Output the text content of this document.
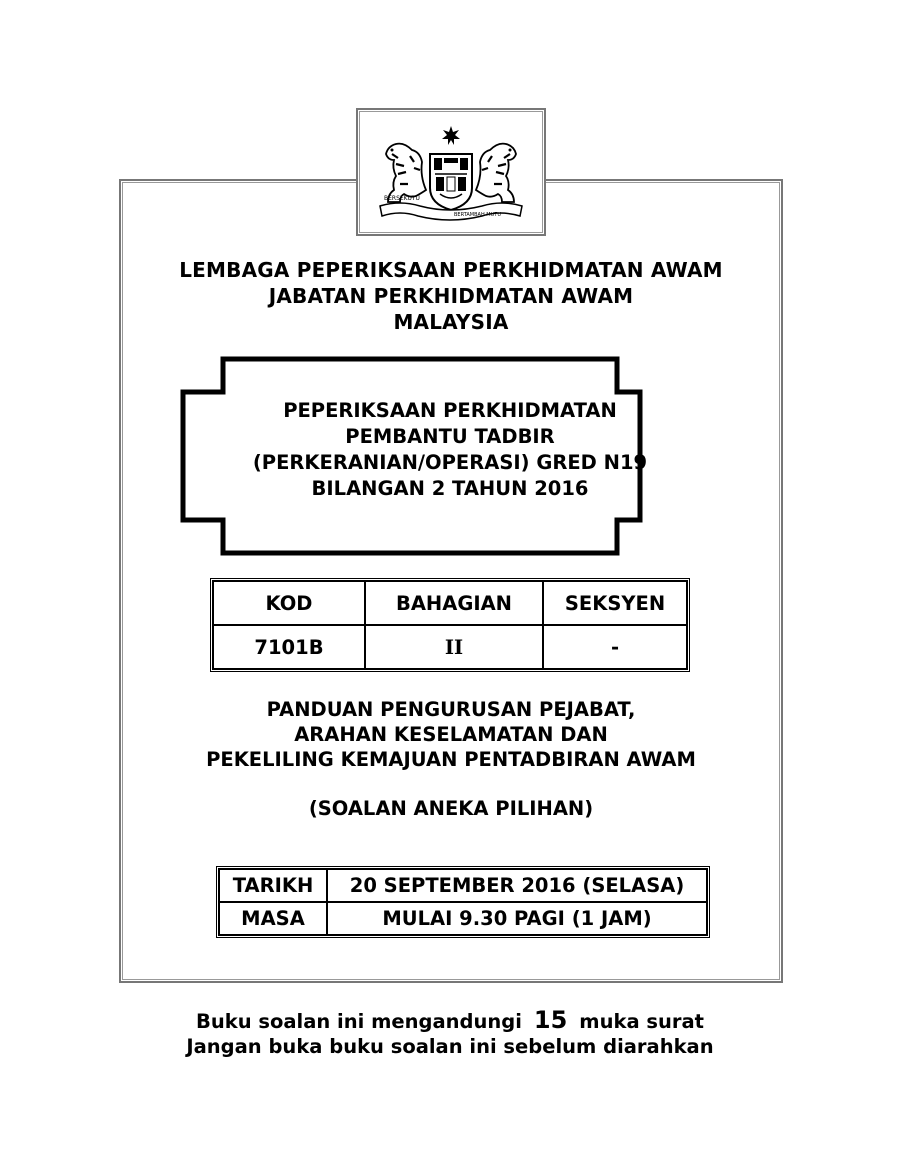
BERSEKUTU
BERTAMBAH MUTU
LEMBAGA PEPERIKSAAN PERKHIDMATAN AWAM
JABATAN PERKHIDMATAN AWAM
MALAYSIA
PEPERIKSAAN PERKHIDMATAN
PEMBANTU TADBIR
(PERKERANIAN/OPERASI) GRED N19
BILANGAN 2 TAHUN 2016
KOD	BAHAGIAN	SEKSYEN
7101B	II	-
PANDUAN PENGURUSAN PEJABAT,
ARAHAN KESELAMATAN DAN
PEKELILING KEMAJUAN PENTADBIRAN AWAM
(SOALAN ANEKA PILIHAN)
TARIKH	20 SEPTEMBER 2016 (SELASA)
MASA	MULAI 9.30 PAGI (1 JAM)
Buku soalan ini mengandungi 15 muka surat
Jangan buka buku soalan ini sebelum diarahkan
